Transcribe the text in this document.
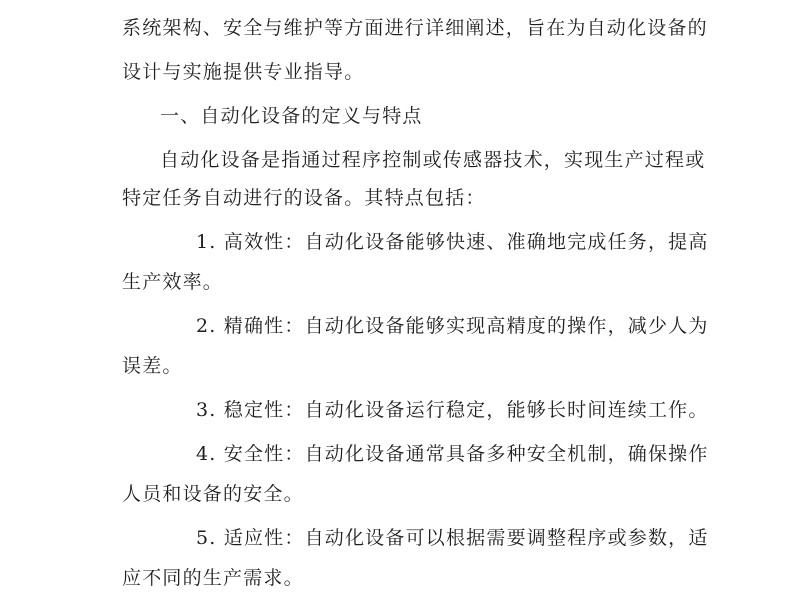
系统架构、安全与维护等方面进行详细阐述，旨在为自动化设备的
设计与实施提供专业指导。
一、自动化设备的定义与特点
自动化设备是指通过程序控制或传感器技术，实现生产过程或
特定任务自动进行的设备。其特点包括：
1. 高效性：自动化设备能够快速、准确地完成任务，提高
生产效率。
2. 精确性：自动化设备能够实现高精度的操作，减少人为
误差。
3. 稳定性：自动化设备运行稳定，能够长时间连续工作。
4. 安全性：自动化设备通常具备多种安全机制，确保操作
人员和设备的安全。
5. 适应性：自动化设备可以根据需要调整程序或参数，适
应不同的生产需求。
